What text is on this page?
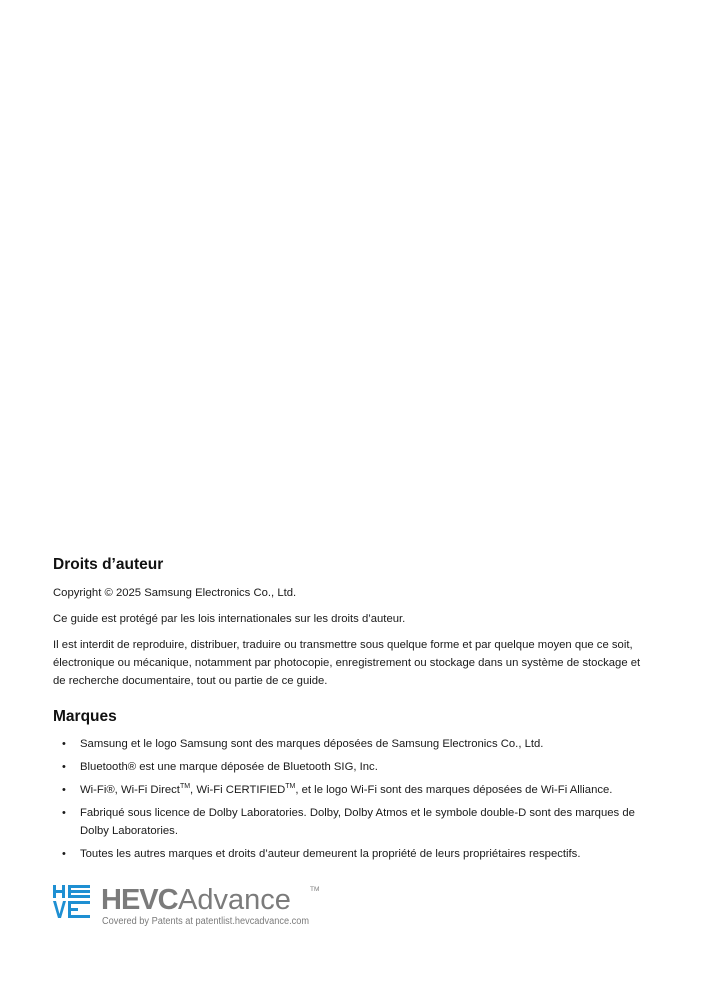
Droits d’auteur

Copyright © 2025 Samsung Electronics Co., Ltd.

Ce guide est protégé par les lois internationales sur les droits d’auteur.

Il est interdit de reproduire, distribuer, traduire ou transmettre sous quelque forme et par quelque moyen que ce soit, électronique ou mécanique, notamment par photocopie, enregistrement ou stockage dans un système de stockage et de recherche documentaire, tout ou partie de ce guide.

Marques
• Samsung et le logo Samsung sont des marques déposées de Samsung Electronics Co., Ltd.
• Bluetooth® est une marque déposée de Bluetooth SIG, Inc.
• Wi-Fi®, Wi-Fi Direct™, Wi-Fi CERTIFIED™, et le logo Wi-Fi sont des marques déposées de Wi-Fi Alliance.
• Fabriqué sous licence de Dolby Laboratories. Dolby, Dolby Atmos et le symbole double-D sont des marques de Dolby Laboratories.
• Toutes les autres marques et droits d’auteur demeurent la propriété de leurs propriétaires respectifs.
HEVC Advance	TM
Covered by Patents at patentlist.hevcadvance.com
